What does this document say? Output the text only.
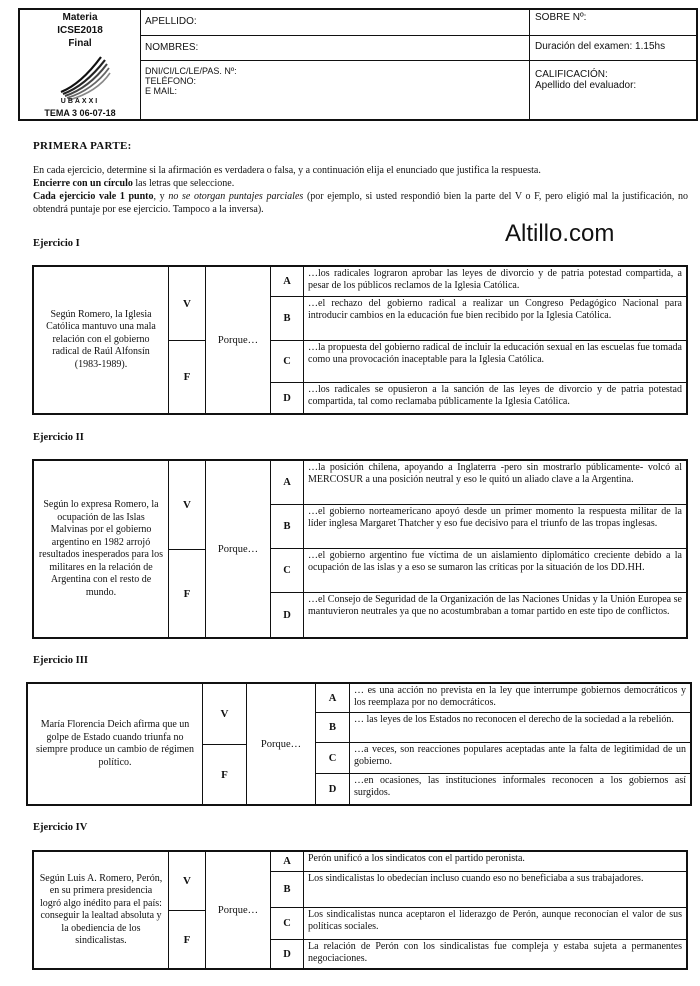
Materia
ICSE2018
Final
UBAXXI
TEMA 3 06-07-18
APELLIDO:
NOMBRES:
DNI/CI/LC/LE/PAS. Nº:
TELÉFONO:
E MAIL:
SOBRE Nº:
Duración del examen: 1.15hs
CALIFICACIÓN:
Apellido del evaluador:
PRIMERA PARTE:
En cada ejercicio, determine si la afirmación es verdadera o falsa, y a continuación elija el enunciado que justifica la respuesta.
Encierre con un círculo las letras que seleccione.
Cada ejercicio vale 1 punto, y no se otorgan puntajes parciales (por ejemplo, si usted respondió bien la parte del V o F, pero eligió mal la justificación, no obtendrá puntaje por ese ejercicio. Tampoco a la inversa).
Altillo.com
Ejercicio I
Según Romero, la Iglesia Católica mantuvo una mala relación con el gobierno radical de Raúl Alfonsín (1983-1989).
V
F
Porque…
A
B
C
D
…los radicales lograron aprobar las leyes de divorcio y de patria potestad compartida, a pesar de los públicos reclamos de la Iglesia Católica.
…el rechazo del gobierno radical a realizar un Congreso Pedagógico Nacional para introducir cambios en la educación fue bien recibido por la Iglesia Católica.
…la propuesta del gobierno radical de incluir la educación sexual en las escuelas fue tomada como una provocación inaceptable para la Iglesia Católica.
…los radicales se opusieron a la sanción de las leyes de divorcio y de patria potestad compartida, tal como reclamaba públicamente la Iglesia Católica.
Ejercicio II
Según lo expresa Romero, la ocupación de las Islas Malvinas por el gobierno argentino en 1982 arrojó resultados inesperados para los militares en la relación de Argentina con el resto de mundo.
V
F
Porque…
A
B
C
D
…la posición chilena, apoyando a Inglaterra -pero sin mostrarlo públicamente- volcó al MERCOSUR a una posición neutral y eso le quitó un aliado clave a la Argentina.
…el gobierno norteamericano apoyó desde un primer momento la respuesta militar de la líder inglesa Margaret Thatcher y eso fue decisivo para el triunfo de las tropas inglesas.
…el gobierno argentino fue víctima de un aislamiento diplomático creciente debido a la ocupación de las islas y a eso se sumaron las críticas por la situación de los DD.HH.
…el Consejo de Seguridad de la Organización de las Naciones Unidas y la Unión Europea se mantuvieron neutrales ya que no acostumbraban a tomar partido en este tipo de conflictos.
Ejercicio III
María Florencia Deich afirma que un golpe de Estado cuando triunfa no siempre produce un cambio de régimen político.
V
F
Porque…
A
B
C
D
… es una acción no prevista en la ley que interrumpe gobiernos democráticos y los reemplaza por no democráticos.
… las leyes de los Estados no reconocen el derecho de la sociedad a la rebelión.
…a veces, son reacciones populares aceptadas ante la falta de legitimidad de un gobierno.
…en ocasiones, las instituciones informales reconocen a los gobiernos así surgidos.
Ejercicio IV
Según Luis A. Romero, Perón, en su primera presidencia logró algo inédito para el país: conseguir la lealtad absoluta y la obediencia de los sindicalistas.
V
F
Porque…
A
B
C
D
Perón unificó a los sindicatos con el partido peronista.
Los sindicalistas lo obedecían incluso cuando eso no beneficiaba a sus trabajadores.
Los sindicalistas nunca aceptaron el liderazgo de Perón, aunque reconocían el valor de sus políticas sociales.
La relación de Perón con los sindicalistas fue compleja y estaba sujeta a permanentes negociaciones.
